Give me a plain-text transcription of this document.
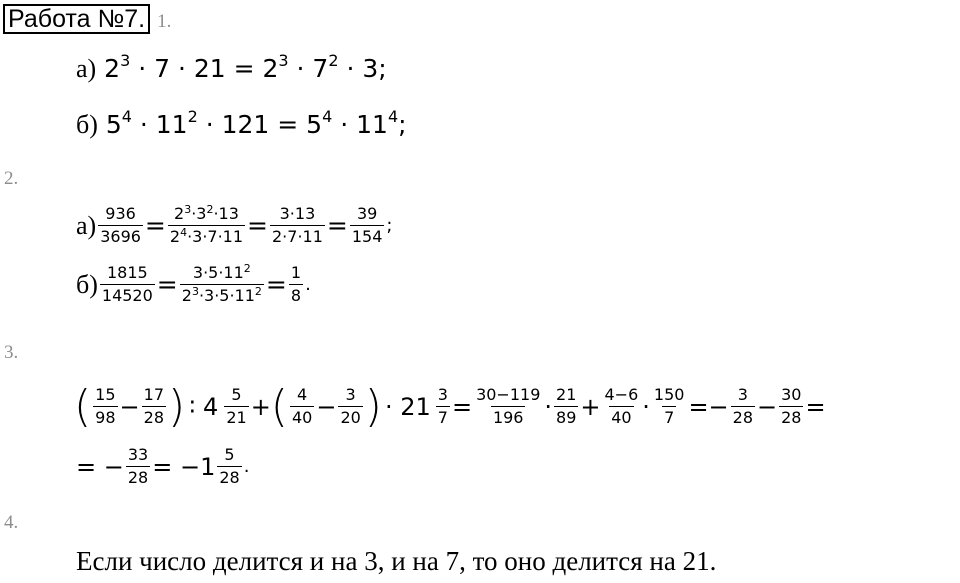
Работа №7. 1.
а) $2^3 \cdot 7 \cdot 21 = 2^3 \cdot 7^2 \cdot 3$;
б) $5^4 \cdot 11^2 \cdot 121 = 5^4 \cdot 11^4$;
2.
$а) \frac{936}{3696} = \frac{2^3\cdot 3^2\cdot 13}{2^4\cdot 3\cdot 7\cdot 11} = \frac{3\cdot 13}{2\cdot 7\cdot 11} = \frac{39}{154}$ ;
$б) \frac{1815}{14520} = \frac{3\cdot 5\cdot 11^2}{2^3\cdot 3\cdot 5\cdot 11^2} = \frac{1}{8}$ .
3.
( $\frac{15}{98} - \frac{17}{28}$ ) ∶ $4 \frac{5}{21}$ + ( $\frac{4}{40} - \frac{3}{20}$ ) · $21 \frac{3}{7} = \frac{30-119}{196} \cdot \frac{21}{89} + \frac{4-6}{40} \cdot \frac{150}{7}$ = − $\frac{3}{28} - \frac{30}{28}$ =
= − $\frac{33}{28} = -1 \frac{5}{28}$ .
4.
Если число делится и на 3, и на 7, то оно делится на 21.
